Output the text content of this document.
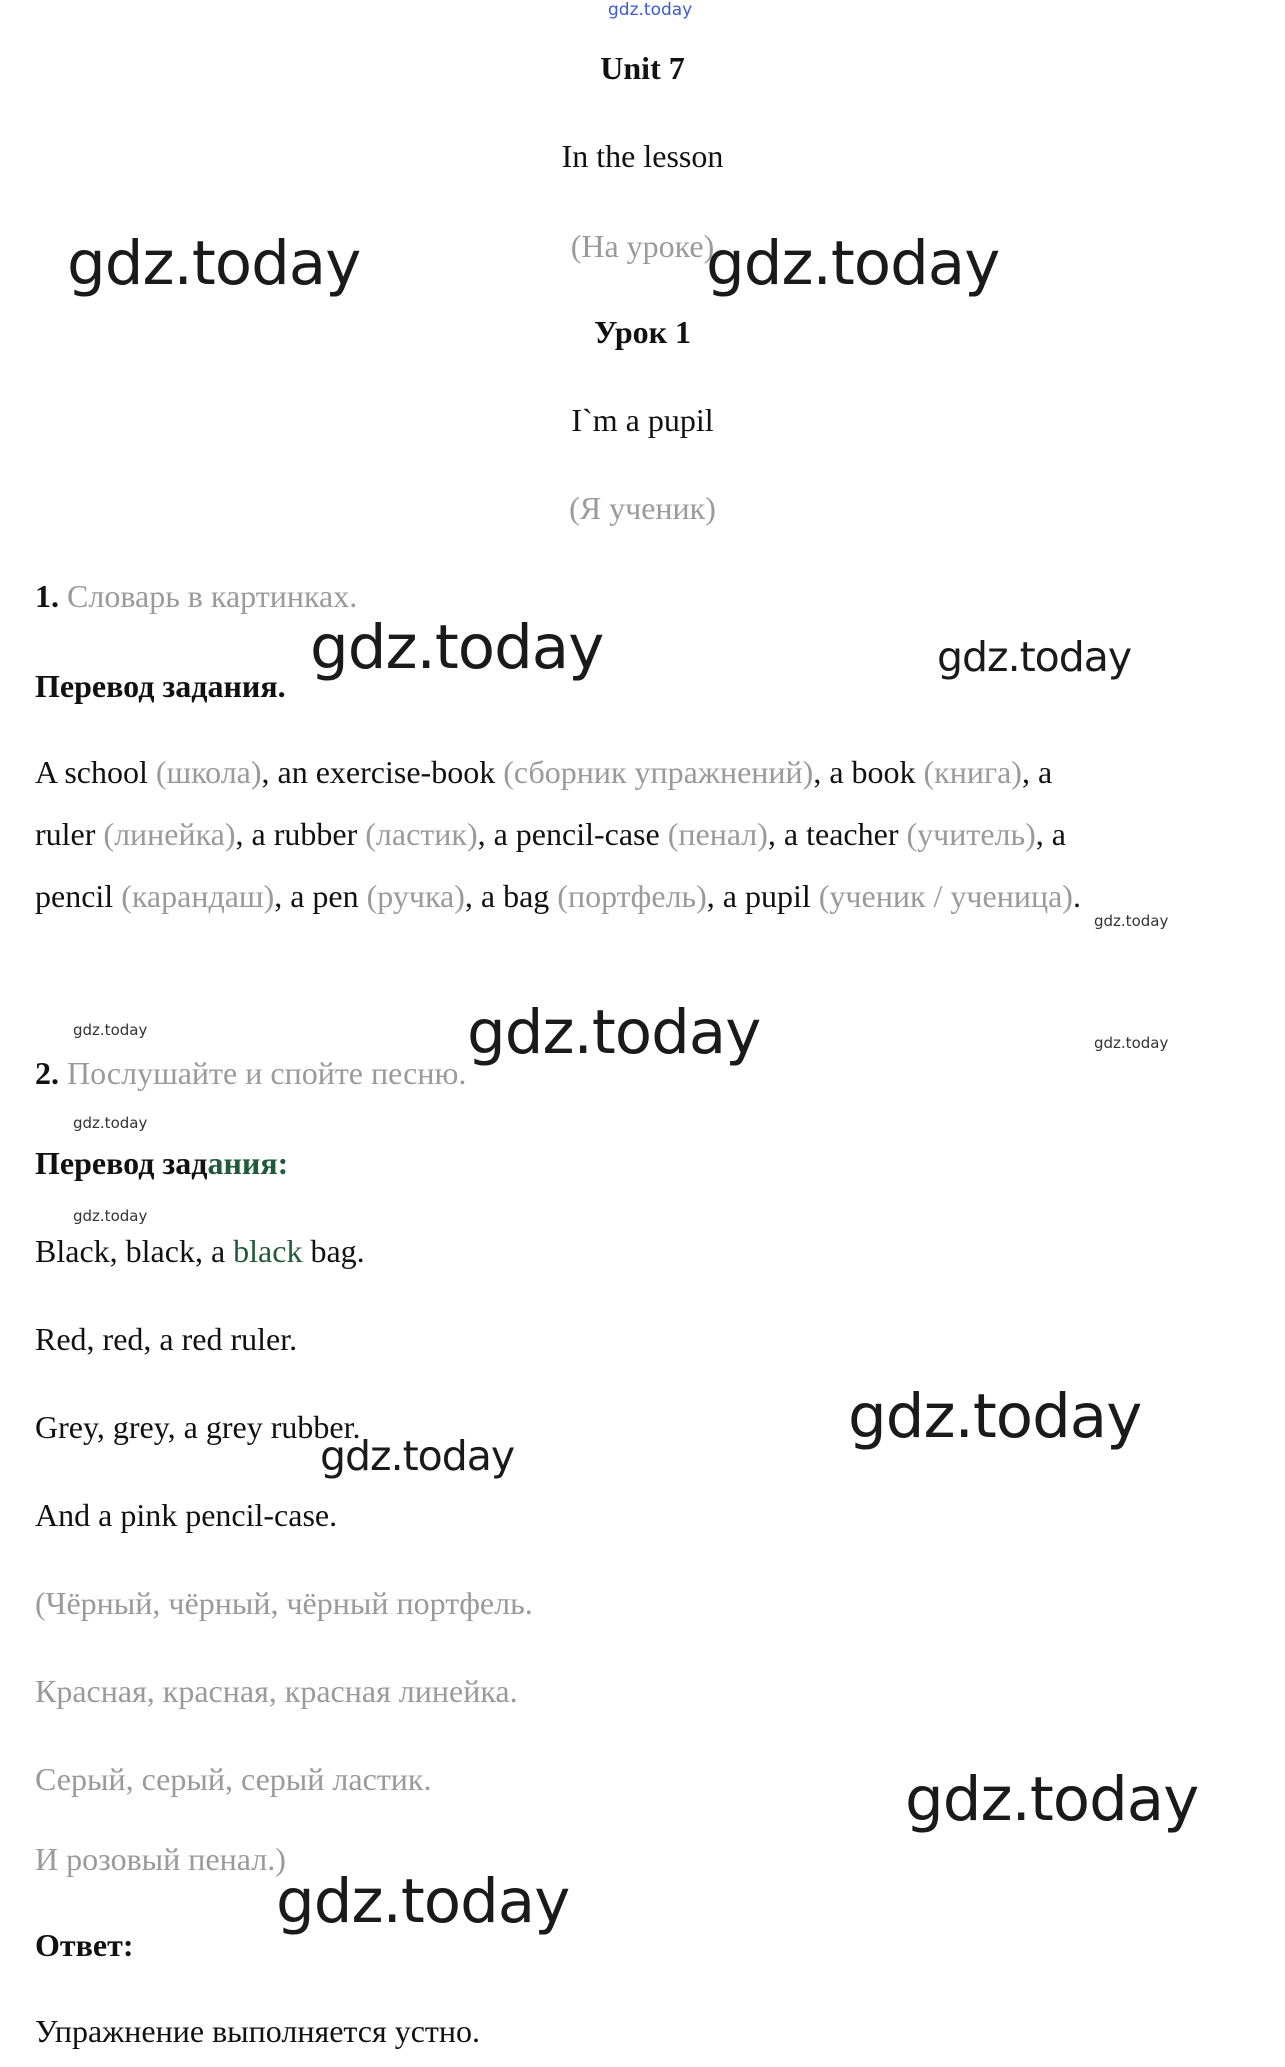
gdz.today
Unit 7
In the lesson
(На уроке)
Урок 1
I`m a pupil
(Я ученик)
1. Словарь в картинках.
Перевод задания.
A school (школа), an exercise-book (сборник упражнений), a book (книга), a
ruler (линейка), a rubber (ластик), a pencil-case (пенал), a teacher (учитель), a
pencil (карандаш), a pen (ручка), a bag (портфель), a pupil (ученик / ученица).
2. Послушайте и спойте песню.
Перевод задания:
Black, black, a black bag.
Red, red, a red ruler.
Grey, grey, a grey rubber.
And a pink pencil-case.
(Чёрный, чёрный, чёрный портфель.
Красная, красная, красная линейка.
Серый, серый, серый ластик.
И розовый пенал.)
Ответ:
Упражнение выполняется устно.
gdz.today	gdz.today
gdz.today	gdz.today
gdz.today
gdz.today	gdz.today	gdz.today
gdz.today
gdz.today
gdz.today
gdz.today
gdz.today
gdz.today
